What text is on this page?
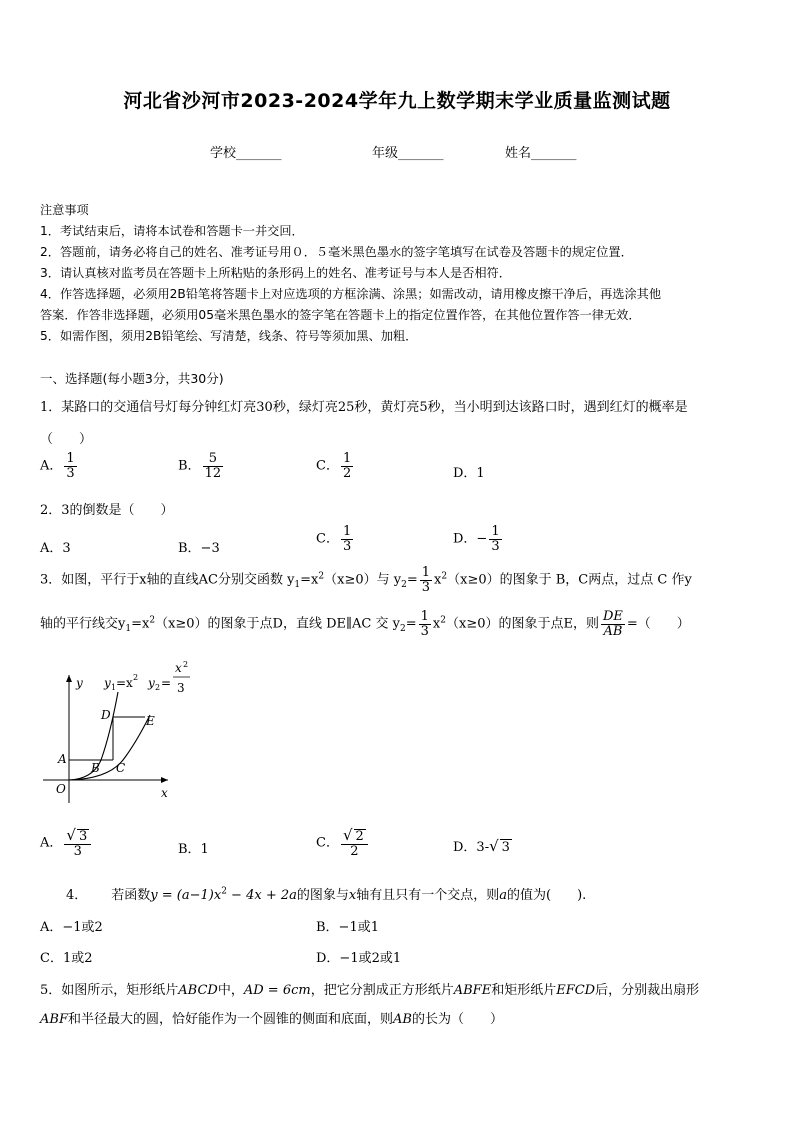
河北省沙河市2023-2024学年九上数学期末学业质量监测试题
学校_______	年级_______	姓名_______
注意事项
1．考试结束后，请将本试卷和答题卡一并交回．
2．答题前，请务必将自己的姓名、准考证号用０．５毫米黑色墨水的签字笔填写在试卷及答题卡的规定位置．
3．请认真核对监考员在答题卡上所粘贴的条形码上的姓名、准考证号与本人是否相符．
4．作答选择题，必须用2B铅笔将答题卡上对应选项的方框涂满、涂黑；如需改动，请用橡皮擦干净后，再选涂其他
答案．作答非选择题，必须用05毫米黑色墨水的签字笔在答题卡上的指定位置作答，在其他位置作答一律无效．
5．如需作图，须用2B铅笔绘、写清楚，线条、符号等须加黑、加粗．
一、选择题(每小题3分，共30分)
1．某路口的交通信号灯每分钟红灯亮30秒，绿灯亮25秒，黄灯亮5秒，当小明到达该路口时，遇到红灯的概率是
（　　）
A． $\frac{1}{3}$	B． $\frac{5}{12}$	C． $\frac{1}{2}$	D．1
2．3的倒数是（　　）
A．3	B．−3
C． $\frac{1}{3}$	D．− $\frac{1}{3}$
3．如图，平行于x轴的直线AC分别交函数 $y_1=x^2(x\ge 0)$与 $y_2= \frac{1}{3} x^2(x\ge 0)$的图象于 B，C两点，过点 C 作y
轴的平行线交$y_1=x^2(x\ge 0)$的图象于点D，直线 DE∥AC 交 $y_2= \frac{1}{3} x^2(x\ge 0)$的图象于点E，则 $\frac{DE}{AB}$ =（　　）
y
x
O
A
B C
D	E
y 1 =x 2 y 2 =
x 2
3
A． $\frac{√ 3}{3}$	B．1	C． $\frac{√ 2}{2}$	D．3-√ 3
4． 若函数$y = (a-1)x^2 - 4x + 2a$的图象与x轴有且只有一个交点，则a的值为(　　).
A．−1或2	B．−1或1
C．1或2	D．−1或2或1
5．如图所示，矩形纸片ABCD中，AD = 6cm，把它分割成正方形纸片ABFE和矩形纸片EFCD后，分别裁出扇形
ABF和半径最大的圆，恰好能作为一个圆锥的侧面和底面，则AB的长为（　　）
